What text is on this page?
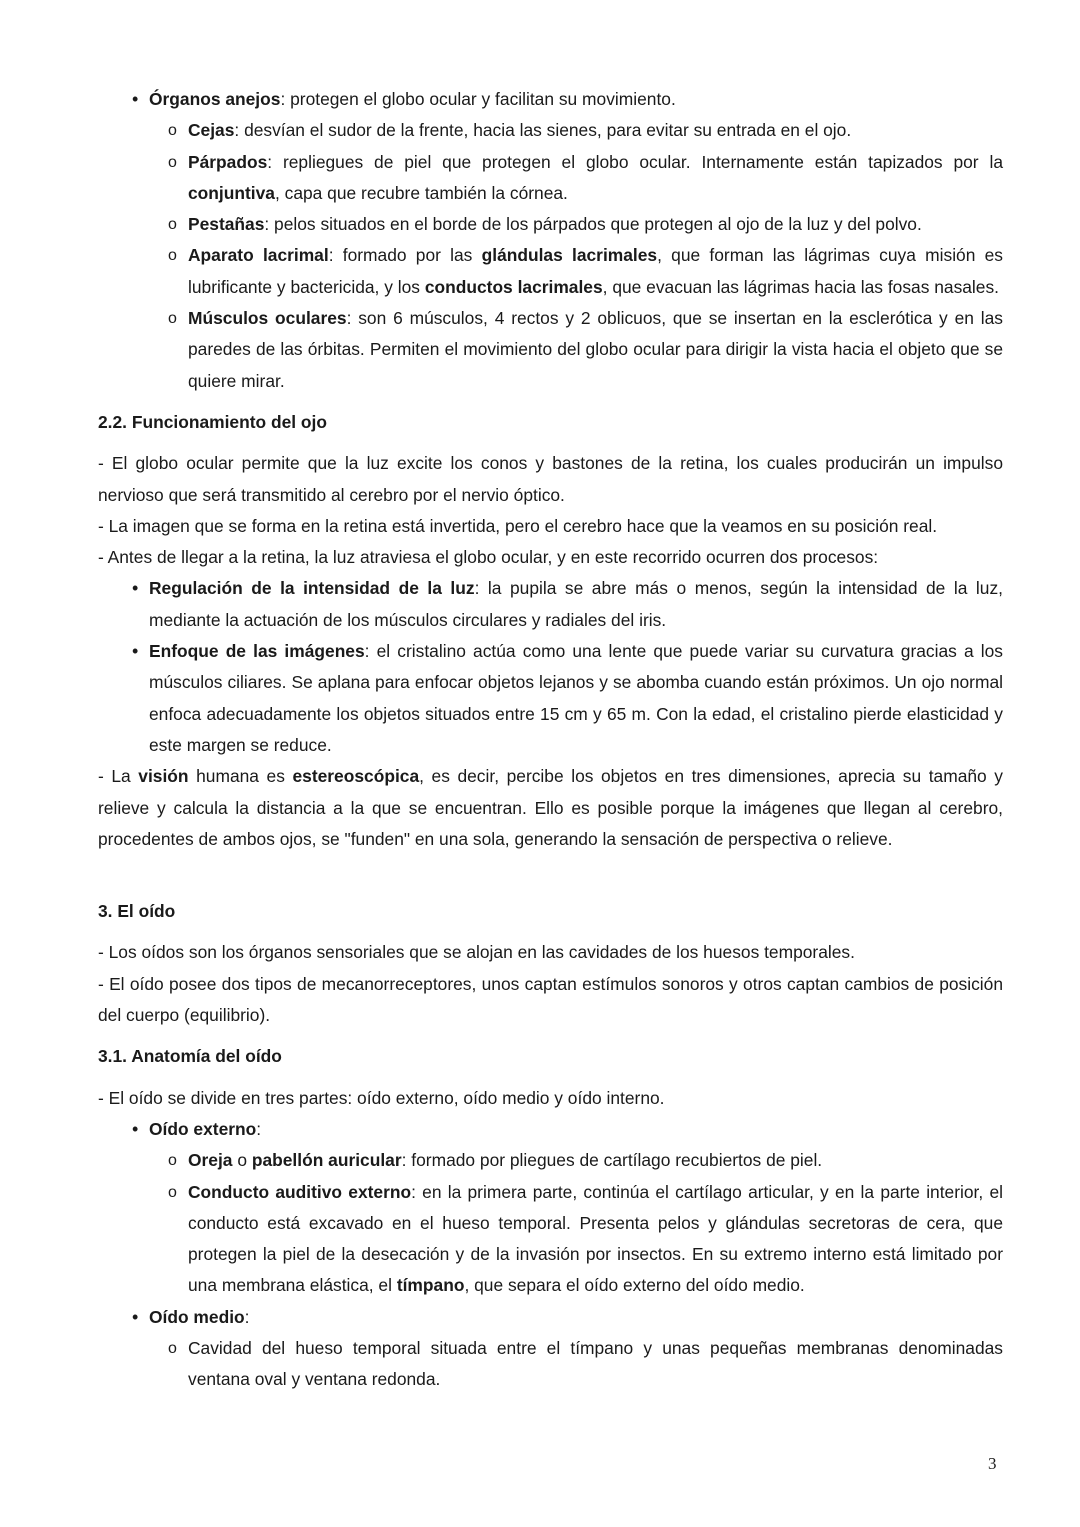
• Órganos anejos: protegen el globo ocular y facilitan su movimiento.

o Cejas: desvían el sudor de la frente, hacia las sienes, para evitar su entrada en el ojo.

o Párpados: repliegues de piel que protegen el globo ocular. Internamente están tapizados por la conjuntiva, capa que recubre también la córnea.

o Pestañas: pelos situados en el borde de los párpados que protegen al ojo de la luz y del polvo.

o Aparato lacrimal: formado por las glándulas lacrimales, que forman las lágrimas cuya misión es lubrificante y bactericida, y los conductos lacrimales, que evacuan las lágrimas hacia las fosas nasales.

o Músculos oculares: son 6 músculos, 4 rectos y 2 oblicuos, que se insertan en la esclerótica y en las paredes de las órbitas. Permiten el movimiento del globo ocular para dirigir la vista hacia el objeto que se quiere mirar.

2.2. Funcionamiento del ojo

- El globo ocular permite que la luz excite los conos y bastones de la retina, los cuales producirán un impulso nervioso que será transmitido al cerebro por el nervio óptico.

- La imagen que se forma en la retina está invertida, pero el cerebro hace que la veamos en su posición real.

- Antes de llegar a la retina, la luz atraviesa el globo ocular, y en este recorrido ocurren dos procesos:

• Regulación de la intensidad de la luz: la pupila se abre más o menos, según la intensidad de la luz, mediante la actuación de los músculos circulares y radiales del iris.

• Enfoque de las imágenes: el cristalino actúa como una lente que puede variar su curvatura gracias a los músculos ciliares. Se aplana para enfocar objetos lejanos y se abomba cuando están próximos. Un ojo normal enfoca adecuadamente los objetos situados entre 15 cm y 65 m. Con la edad, el cristalino pierde elasticidad y este margen se reduce.

- La visión humana es estereoscópica, es decir, percibe los objetos en tres dimensiones, aprecia su tamaño y relieve y calcula la distancia a la que se encuentran. Ello es posible porque la imágenes que llegan al cerebro, procedentes de ambos ojos, se "funden" en una sola, generando la sensación de perspectiva o relieve.

3. El oído

- Los oídos son los órganos sensoriales que se alojan en las cavidades de los huesos temporales.

- El oído posee dos tipos de mecanorreceptores, unos captan estímulos sonoros y otros captan cambios de posición del cuerpo (equilibrio).

3.1. Anatomía del oído

- El oído se divide en tres partes: oído externo, oído medio y oído interno.

• Oído externo:

o Oreja o pabellón auricular: formado por pliegues de cartílago recubiertos de piel.

o Conducto auditivo externo: en la primera parte, continúa el cartílago articular, y en la parte interior, el conducto está excavado en el hueso temporal. Presenta pelos y glándulas secretoras de cera, que protegen la piel de la desecación y de la invasión por insectos. En su extremo interno está limitado por una membrana elástica, el tímpano, que separa el oído externo del oído medio.

• Oído medio:

o Cavidad del hueso temporal situada entre el tímpano y unas pequeñas membranas denominadas ventana oval y ventana redonda.

3
